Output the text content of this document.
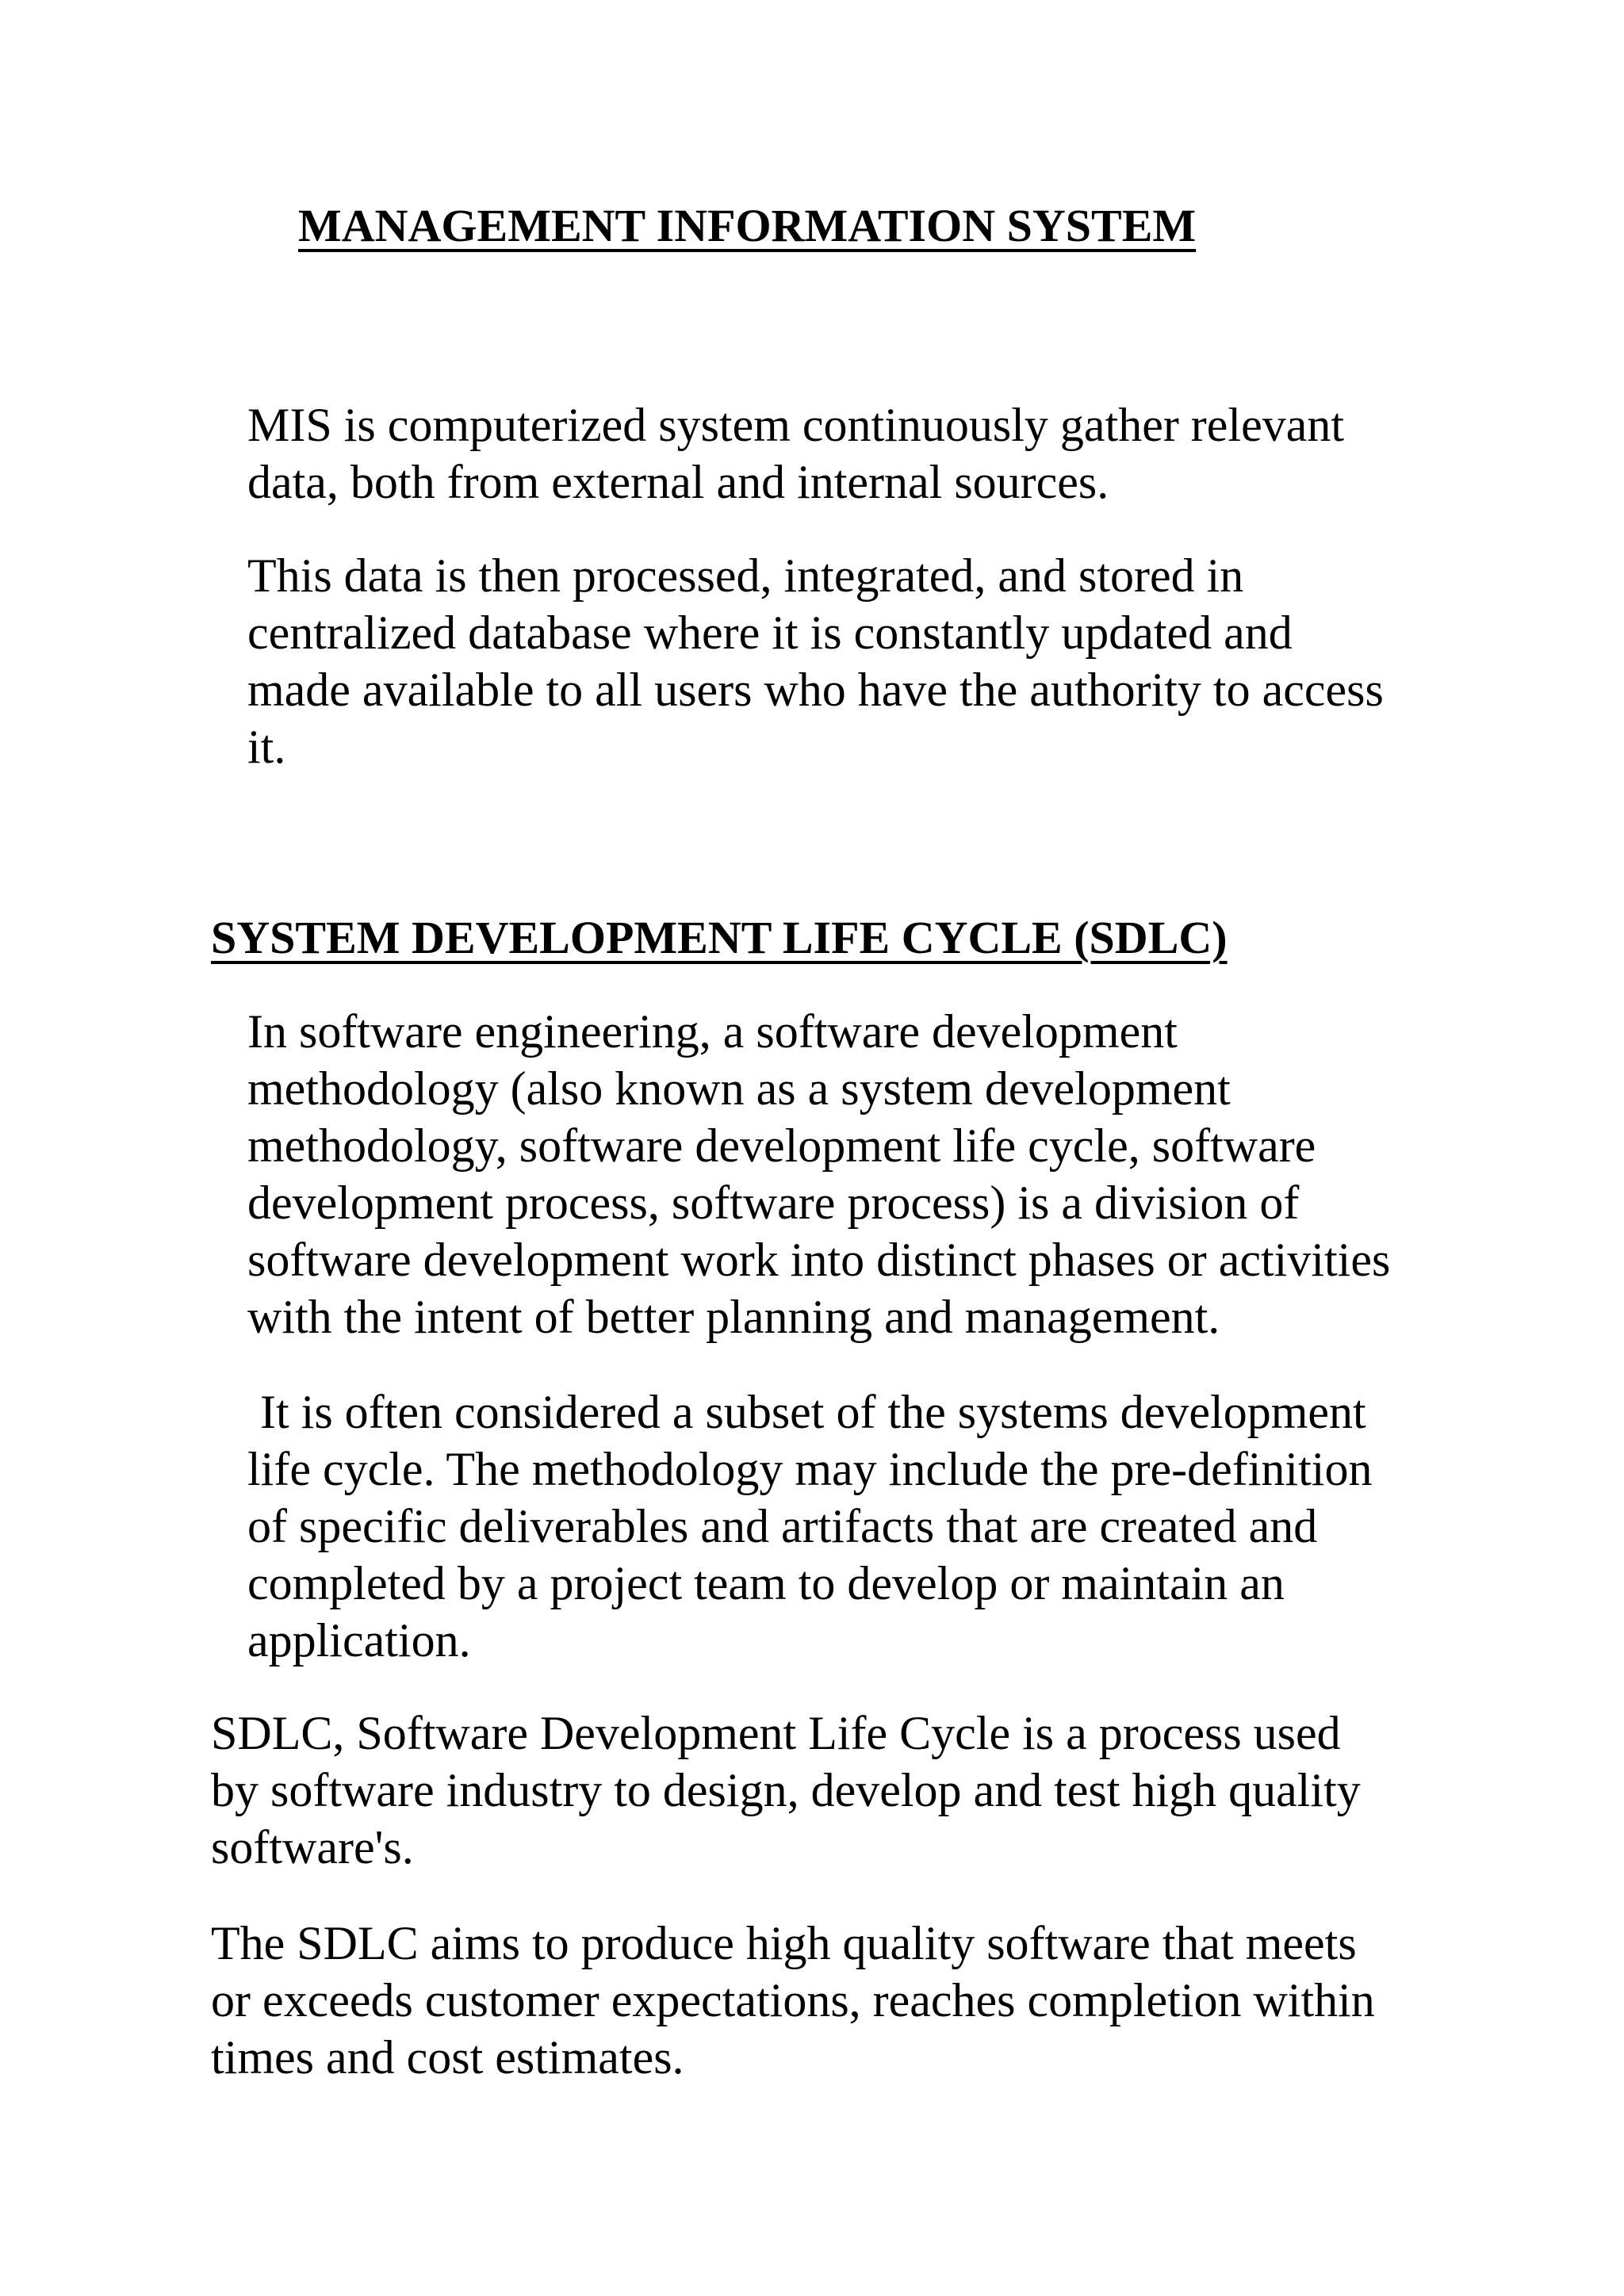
MANAGEMENT INFORMATION SYSTEM

MIS is computerized system continuously gather relevant
data, both from external and internal sources.

This data is then processed, integrated, and stored in
centralized database where it is constantly updated and
made available to all users who have the authority to access
it.

SYSTEM DEVELOPMENT LIFE CYCLE (SDLC)

In software engineering, a software development
methodology (also known as a system development
methodology, software development life cycle, software
development process, software process) is a division of
software development work into distinct phases or activities
with the intent of better planning and management.

It is often considered a subset of the systems development
life cycle. The methodology may include the pre-definition
of specific deliverables and artifacts that are created and
completed by a project team to develop or maintain an
application.

SDLC, Software Development Life Cycle is a process used
by software industry to design, develop and test high quality
software's.

The SDLC aims to produce high quality software that meets
or exceeds customer expectations, reaches completion within
times and cost estimates.
